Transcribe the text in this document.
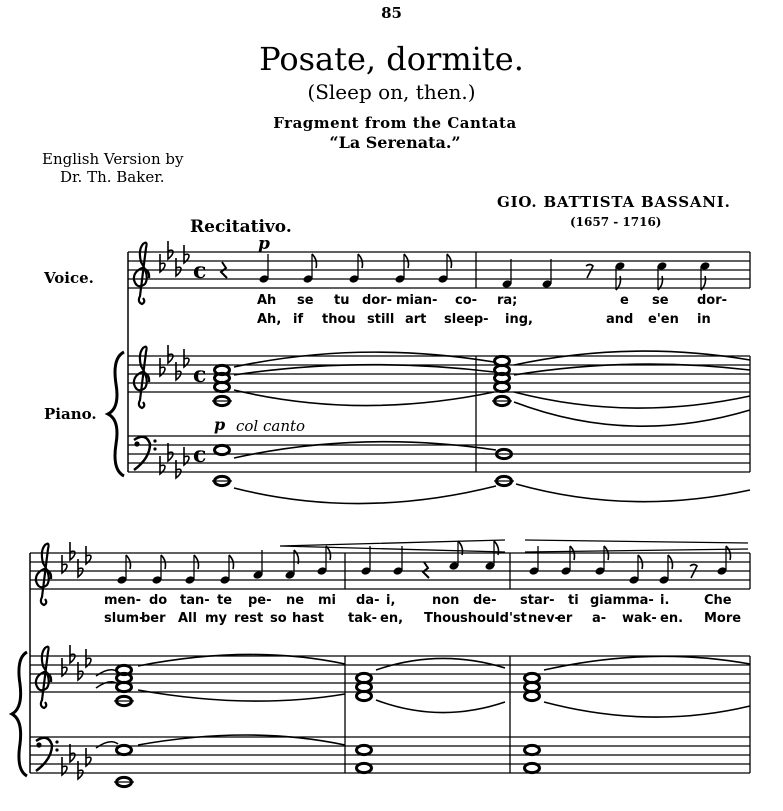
85
Posate, dormite.
(Sleep on, then.)
Fragment from the Cantata
“La Serenata.”
English Version by
Dr. Th. Baker.
GIO. BATTISTA BASSANI.
(1657 - 1716)
Recitativo.
Voice.
Piano.
p
p col canto
Ah se tu dor- mi an- co- ra;	e se dor-
Ah, if thou still art sleep- ing,	and e'en in
men- do tan- te pe- ne mi da- i,	non de- star- ti giamma- i.	Che
slum-
ber All my rest so hast tak- en, Thou should'st nev-
er a- wak- en. More
c
c
c
